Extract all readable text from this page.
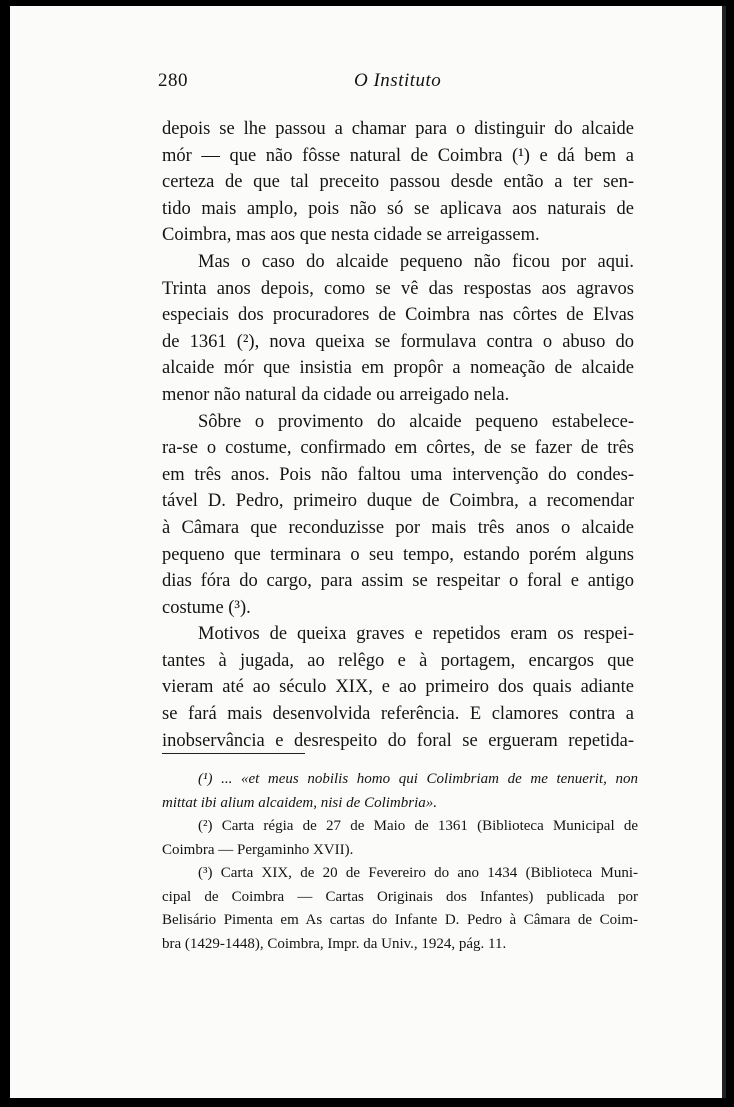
280	O Instituto
depois se lhe passou a chamar para o distinguir do alcaide
mór — que não fôsse natural de Coimbra (¹) e dá bem a
certeza de que tal preceito passou desde então a ter sen-
tido mais amplo, pois não só se aplicava aos naturais de
Coimbra, mas aos que nesta cidade se arreigassem.
Mas o caso do alcaide pequeno não ficou por aqui.
Trinta anos depois, como se vê das respostas aos agravos
especiais dos procuradores de Coimbra nas côrtes de Elvas
de 1361 (²), nova queixa se formulava contra o abuso do
alcaide mór que insistia em propôr a nomeação de alcaide
menor não natural da cidade ou arreigado nela.
Sôbre o provimento do alcaide pequeno estabelece-
ra-se o costume, confirmado em côrtes, de se fazer de três
em três anos. Pois não faltou uma intervenção do condes-
tável D. Pedro, primeiro duque de Coimbra, a recomendar
à Câmara que reconduzisse por mais três anos o alcaide
pequeno que terminara o seu tempo, estando porém alguns
dias fóra do cargo, para assim se respeitar o foral e antigo
costume (³).
Motivos de queixa graves e repetidos eram os respei-
tantes à jugada, ao relêgo e à portagem, encargos que
vieram até ao século XIX, e ao primeiro dos quais adiante
se fará mais desenvolvida referência. E clamores contra a
inobservância e desrespeito do foral se ergueram repetida-
(¹) ... «et meus nobilis homo qui Colimbriam de me tenuerit, non
mittat ibi alium alcaidem, nisi de Colimbria».
(²) Carta régia de 27 de Maio de 1361 (Biblioteca Municipal de
Coimbra — Pergaminho XVII).
(³) Carta XIX, de 20 de Fevereiro do ano 1434 (Biblioteca Muni-
cipal de Coimbra — Cartas Originais dos Infantes) publicada por
Belisário Pimenta em As cartas do Infante D. Pedro à Câmara de Coim-
bra (1429-1448), Coimbra, Impr. da Univ., 1924, pág. 11.
